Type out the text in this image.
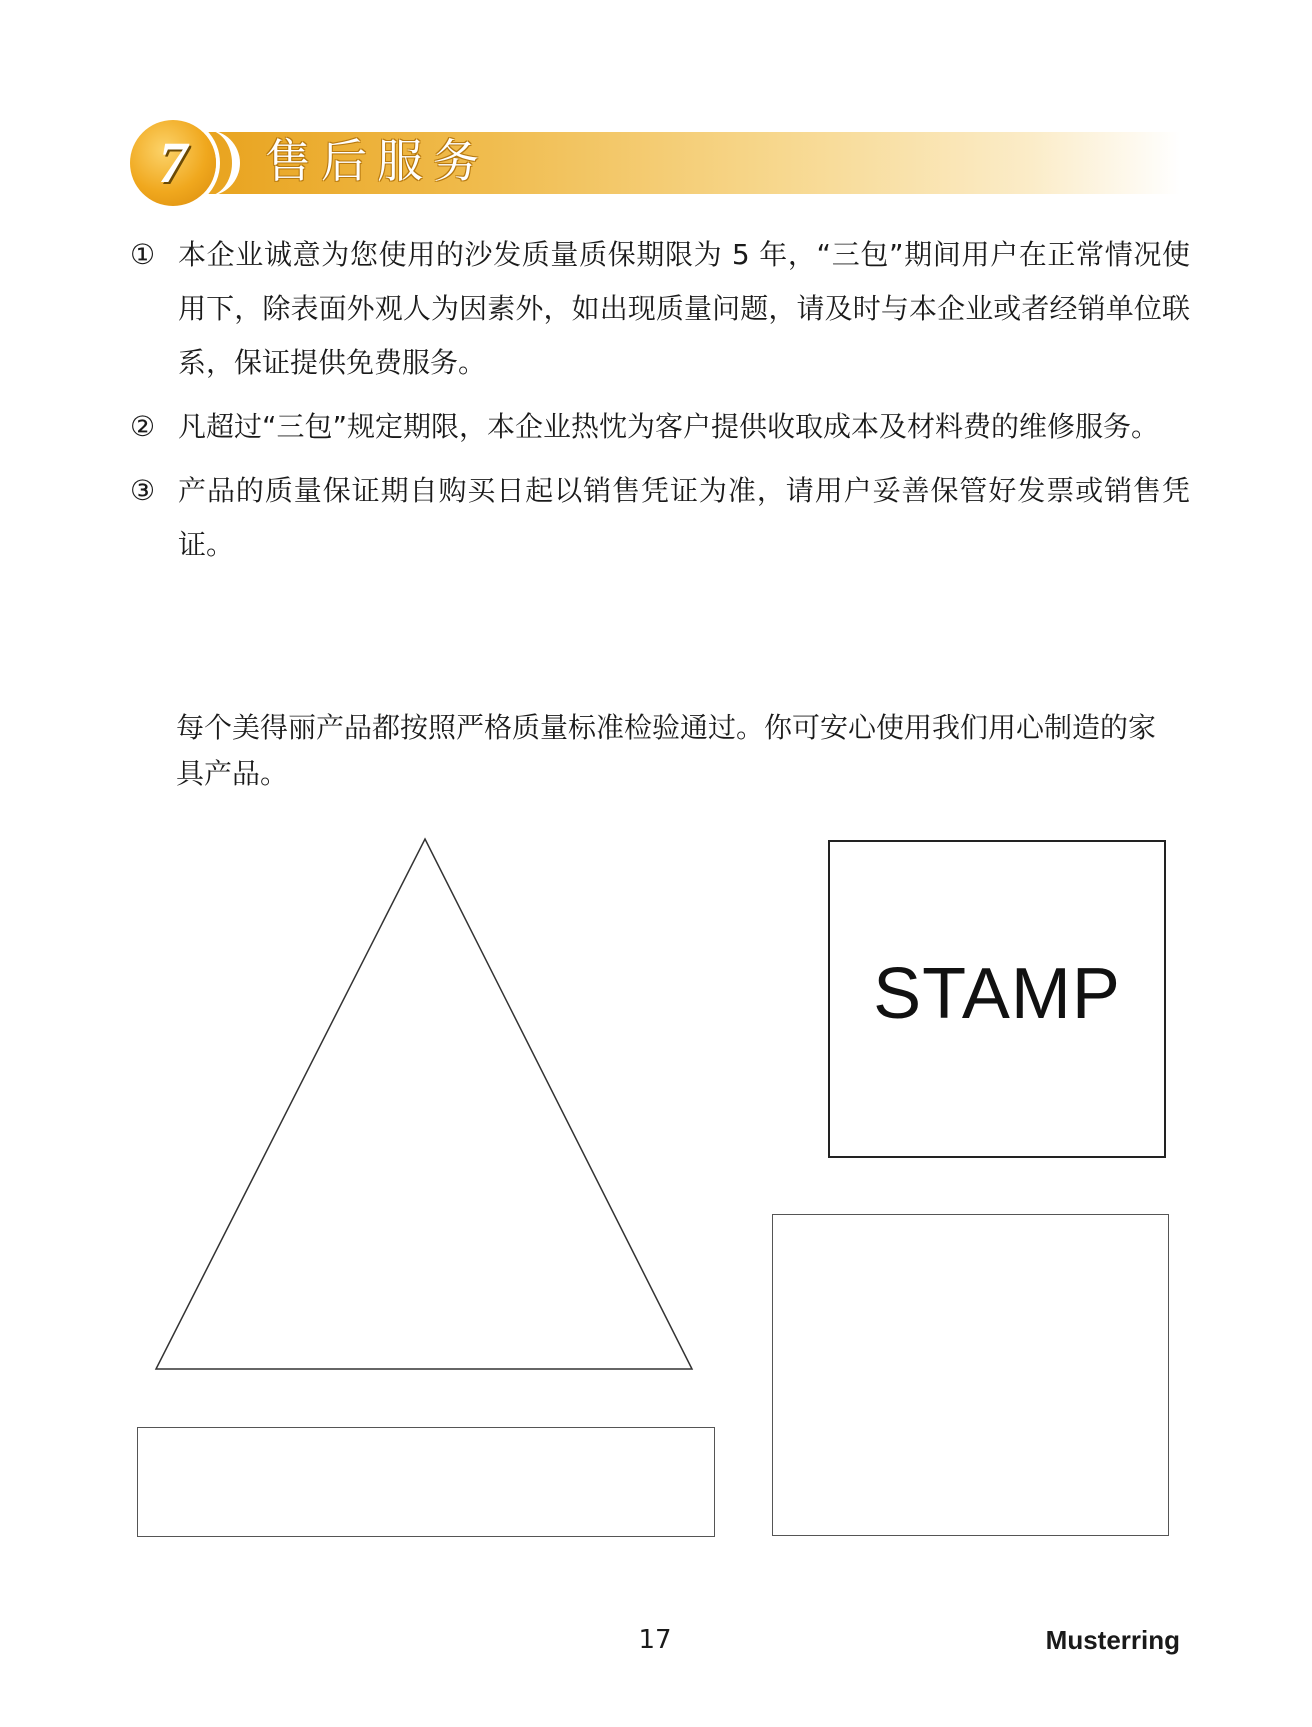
7	售后服务
① 本企业诚意为您使用的沙发质量质保期限为 5 年，“三包”期间用户在正常情况使用下，除表面外观人为因素外，如出现质量问题，请及时与本企业或者经销单位联系，保证提供免费服务。
② 凡超过“三包”规定期限，本企业热忱为客户提供收取成本及材料费的维修服务。
③ 产品的质量保证期自购买日起以销售凭证为准，请用户妥善保管好发票或销售凭证。
每个美得丽产品都按照严格质量标准检验通过。你可安心使用我们用心制造的家具产品。
STAMP
17	Musterring
